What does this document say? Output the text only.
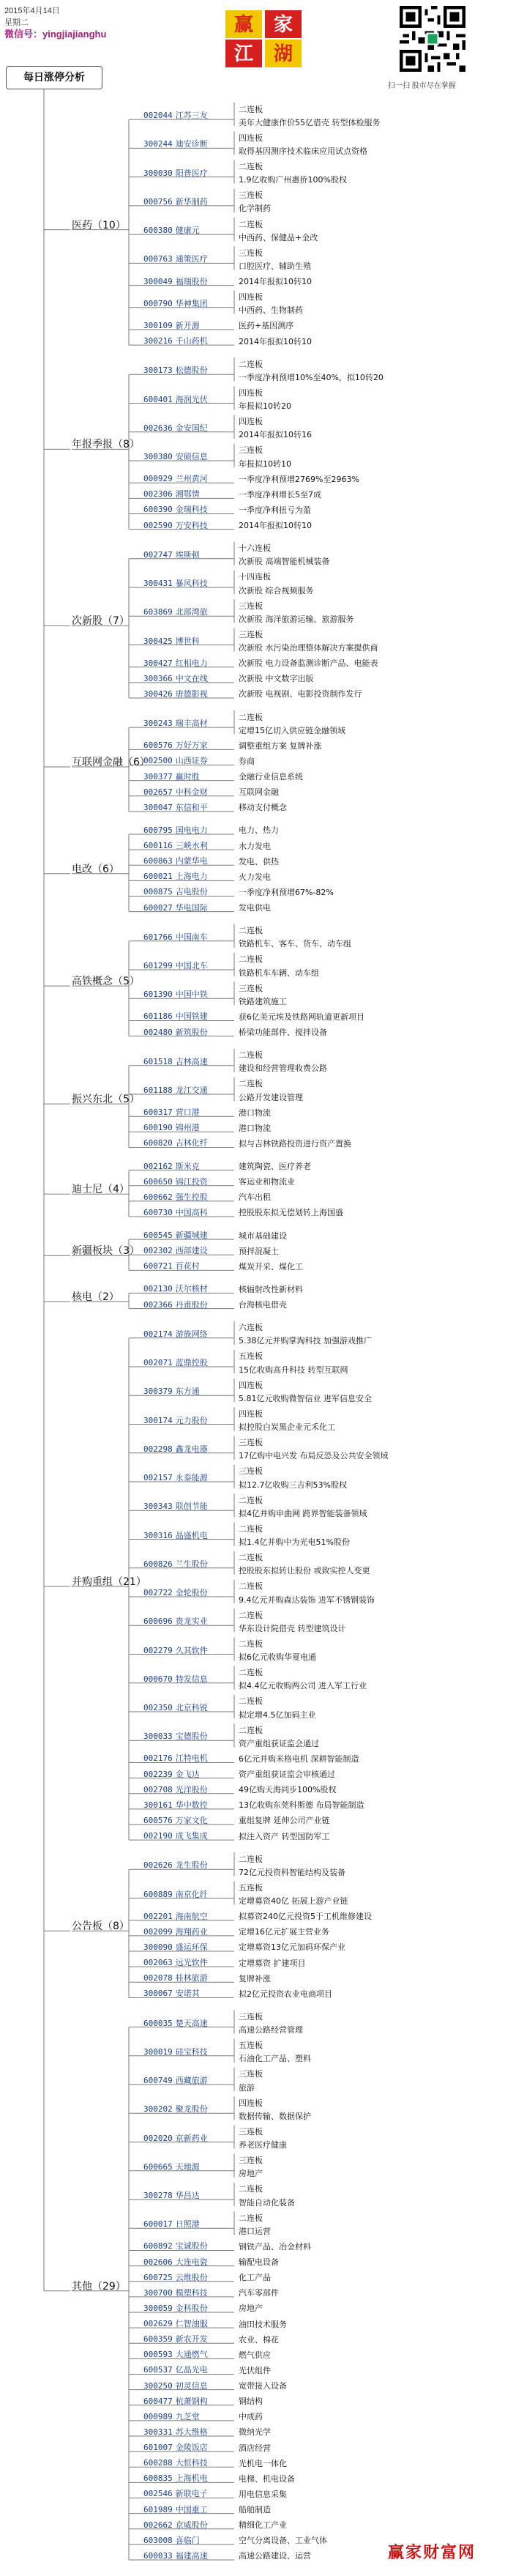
2015年4月14日
星期二
微信号：yingjiajianghu	赢 家
江 湖
扫一扫 股市尽在掌握
每日涨停分析
002044 江苏三友
二连板
美年大健康作价55亿借壳 转型体检服务
300244 迪安诊断
四连板
取得基因测序技术临床应用试点资格
300030 阳普医疗
二连板
1.9亿收购广州惠侨100%股权
000756 新华制药
三连板
化学制药
600380 健康元
二连板
中西药、保健品+金改
000763 通策医疗
三连板
口腔医疗、辅助生殖
300049 福瑞股份	2014年报拟10转10
000790 华神集团
四连板
中西药、生物制药
300109 新开源	医药+基因测序
300216 千山药机	2014年报拟10转10
医药（10）
300173 松德股份
二连板
一季度净利预增10%至40%，拟10转20
600401 海润光伏
四连板
年报拟10转20
002636 金安国纪
四连板
2014年报拟10转16
300380 安硕信息
三连板
年报拟10转10
000929 兰州黄河	一季度净利预增2769%至2963%
002306 湘鄂情	一季度净利增长5至7成
600390 金瑞科技	一季度净利扭亏为盈
002590 万安科技	2014年报拟10转10
年报季报（8）
002747 埃斯顿
十六连板
次新股 高端智能机械装备
300431 暴风科技
十四连板
次新股 综合视频服务
603869 北部湾旅
三连板
次新股 海洋旅游运输、旅游服务
300425 博世科
三连板
次新股 水污染治理整体解决方案提供商
300427 红相电力	次新股 电力设备监测诊断产品、电能表
300366 中文在线	次新股 中文数字出版
300426 唐德影视	次新股 电视剧、电影投资制作发行
次新股（7）
300243 瑞丰高材
二连板
定增15亿切入供应链金融领域
600576 万好万家	调整重组方案 复牌补涨
002500 山西证券	券商
300377 赢时胜	金融行业信息系统
002657 中科金财	互联网金融
300047 东信和平	移动支付概念
互联网金融（6）
600795 国电电力	电力、热力
600116 三峡水利	水力发电
600863 内蒙华电	发电、供热
600021 上海电力	火力发电
000875 吉电股份	一季度净利预增67%-82%
600027 华电国际	发电供电
电改（6）
601766 中国南车
二连板
铁路机车、客车、货车、动车组
601299 中国北车
二连板
铁路机车车辆、动车组
601390 中国中铁
三连板
铁路建筑施工
601186 中国铁建	获6亿美元埃及铁路网轨道更新项目
002480 新筑股份	桥梁功能部件、搅拌设备
高铁概念（5）
601518 吉林高速
二连板
建设和经营管理收费公路
601188 龙江交通
二连板
公路开发建设管理
600317 营口港	港口物流
600190 锦州港	港口物流
600820 吉林化纤	拟与吉林铁路投资进行资产置换
振兴东北（5）
002162 斯米克	建筑陶瓷、医疗养老
600650 锦江投资	客运业和物流业
600662 强生控股	汽车出租
600730 中国高科	控股股东拟无偿划转上海国盛
迪士尼（4）
600545 新疆城建	城市基础建设
002302 西部建设	预拌混凝土
600721 百花村	煤炭开采、煤化工
新疆板块（3）
002130 沃尔核材	核辐射改性新材料
002366 丹甫股份	台海核电借壳
核电（2）
002174 游族网络
六连板
5.38亿元并购掌淘科技 加强游戏推广
002071 蓝鼎控股
五连板
15亿收购高升科技 转型互联网
300379 东方通
四连板
5.81亿元收购微智信业 进军信息安全
300174 元力股份
四连板
拟控股白炭黑企业元禾化工
002298 鑫龙电器
三连板
17亿购中电兴发 布局反恐及公共安全领域
002157 永泰能源
三连板
拟12.7亿收购三吉利53%股权
300343 联创节能
二连板
拟4亿并购申曲网 跨界智能装备领域
300316 晶盛机电
二连板
拟1.4亿并购中为光电51%股份
600826 兰生股份
二连板
控股股东拟转让股份 或致实控人变更
002722 金轮股份
二连板
9.4亿元并购森达装饰 进军不锈钢装饰
600696 贵龙实业
二连板
华东设计院借壳 转型建筑设计
002279 久其软件
二连板
拟6亿元收购华夏电通
000670 特发信息
二连板
拟4.4亿元收购两公司 进入军工行业
002350 北京科锐
二连板
拟定增4.5亿加码主业
300033 宝德股份
二连板
资产重组获证监会通过
002176 江特电机	6亿元并购米格电机 深耕智能制造
002239 金飞达	资产重组获证监会审核通过
002708 光洋股份	49亿购天海同步100%股权
300161 华中数控	13亿收购东莞科斯德 布局智能制造
600576 万家文化	重组复牌 延伸公司产业链
002190 成飞集成	拟注入资产 转型国防军工
并购重组（21）
002626 龙生股份
二连板
72亿元投资科智能结构及装备
600889 南京化纤
五连板
定增募资40亿 拓展上游产业链
002201 海南航空	拟募资240亿元投资5于工机维修建设
002099 海翔药业	定增16亿元扩展主营业务
300090 盛运环保	定增募资13亿元加码环保产业
002063 远光软件	定增募资 扩建项目
002078 桂林旅游	复牌补涨
300067 安诺其	拟2亿元投资农业电商项目
公告板（8）
600035 楚天高速
三连板
高速公路经营管理
300019 硅宝科技
五连板
石油化工产品、塑料
600749 西藏旅游
三连板
旅游
300202 聚龙股份
四连板
数据传输、数据保护
002020 京新药业
三连板
养老医疗健康
600665 天地源
三连板
房地产
300278 华昌达
二连板
智能自动化装备
600017 日照港
二连板
港口运营
600892 宝诚股份	钢铁产品、冶金材料
002606 大连电瓷	输配电设备
600725 云维股份	化工产品
300700 模塑科技	汽车零部件
300059 金科股份	房地产
002629 仁智油服	油田技术服务
600359 新农开发	农业、棉花
000593 大通燃气	燃气供应
600537 亿晶光电	光伏组件
300250 初灵信息	宽带接入设备
600477 杭萧钢构	钢结构
000989 九芝堂	中成药
300331 苏大维格	微纳光学
601007 金陵饭店	酒店经营
600288 大恒科技	光机电一体化
600835 上海机电	电梯、机电设备
002546 新联电子	用电信息采集
601989 中国重工	船舶制造
002662 京威股份	精细化工产业
603008 喜临门	空气分离设备、工业气体
600033 福建高速	高速公路建设、运营
其他（29）
赢家财富网
